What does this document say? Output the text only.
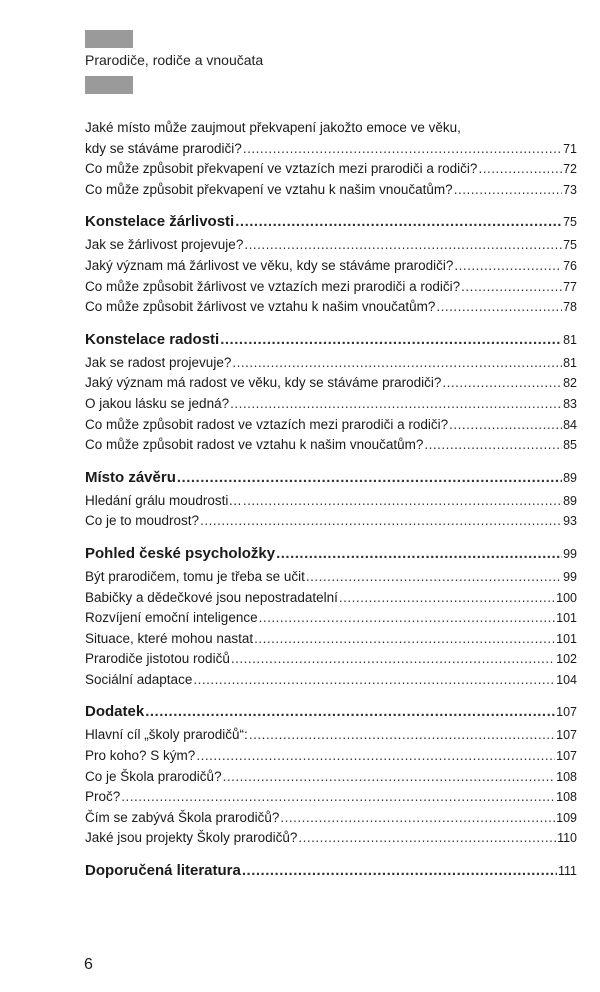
Prarodiče, rodiče a vnoučata
Jaké místo může zaujmout překvapení jakožto emoce ve věku,
kdy se stáváme prarodiči? .....	71
Co může způsobit překvapení ve vztazích mezi prarodiči a rodiči? .....	72
Co může způsobit překvapení ve vztahu k našim vnoučatům? .....	73
Konstelace žárlivosti .....	75
Jak se žárlivost projevuje? .....	75
Jaký význam má žárlivost ve věku, kdy se stáváme prarodiči? .....	76
Co může způsobit žárlivost ve vztazích mezi prarodiči a rodiči? .....	77
Co může způsobit žárlivost ve vztahu k našim vnoučatům? .....	78
Konstelace radosti .....	81
Jak se radost projevuje? .....	81
Jaký význam má radost ve věku, kdy se stáváme prarodiči? .....	82
O jakou lásku se jedná? .....	83
Co může způsobit radost ve vztazích mezi prarodiči a rodiči? .....	84
Co může způsobit radost ve vztahu k našim vnoučatům? .....	85
Místo závěru .....	89
Hledání grálu moudrosti… .....	89
Co je to moudrost? .....	93
Pohled české psycholožky .....	99
Být prarodičem, tomu je třeba se učit .....	99
Babičky a dědečkové jsou nepostradatelní .....	100
Rozvíjení emoční inteligence .....	101
Situace, které mohou nastat .....	101
Prarodiče jistotou rodičů .....	102
Sociální adaptace .....	104
Dodatek .....	107
Hlavní cíl „školy prarodičů“: .....	107
Pro koho? S kým? .....	107
Co je Škola prarodičů? .....	108
Proč? .....	108
Čím se zabývá Škola prarodičů? .....	109
Jaké jsou projekty Školy prarodičů? .....	110
Doporučená literatura .....	111
6
